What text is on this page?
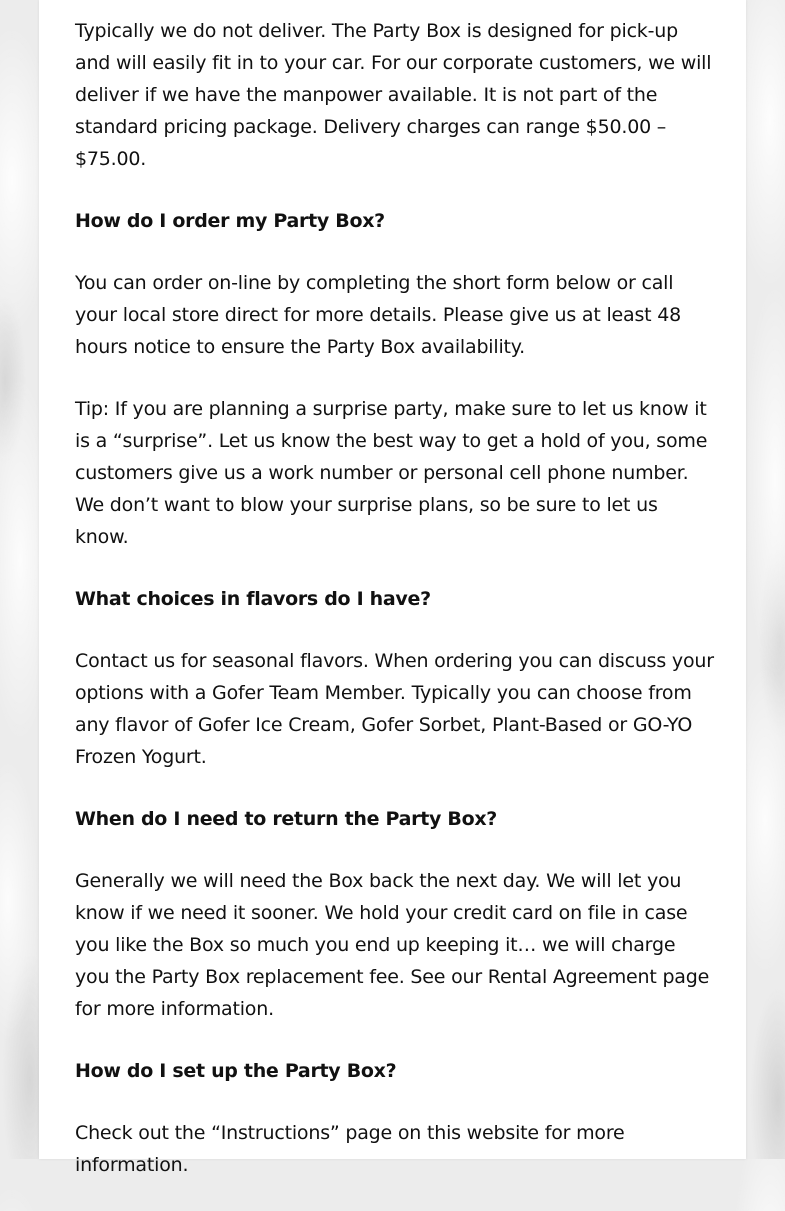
Typically we do not deliver. The Party Box is designed for pick-up and will easily fit in to your car. For our corporate customers, we will deliver if we have the manpower available. It is not part of the standard pricing package. Delivery charges can range $50.00 – $75.00.

How do I order my Party Box?

You can order on-line by completing the short form below or call your local store direct for more details. Please give us at least 48 hours notice to ensure the Party Box availability.

Tip: If you are planning a surprise party, make sure to let us know it is a “surprise”. Let us know the best way to get a hold of you, some customers give us a work number or personal cell phone number. We don’t want to blow your surprise plans, so be sure to let us know.

What choices in flavors do I have?

Contact us for seasonal flavors. When ordering you can discuss your options with a Gofer Team Member. Typically you can choose from any flavor of Gofer Ice Cream, Gofer Sorbet, Plant-Based or GO-YO Frozen Yogurt.

When do I need to return the Party Box?

Generally we will need the Box back the next day. We will let you know if we need it sooner. We hold your credit card on file in case you like the Box so much you end up keeping it… we will charge you the Party Box replacement fee. See our Rental Agreement page for more information.

How do I set up the Party Box?

Check out the “Instructions” page on this website for more information.
